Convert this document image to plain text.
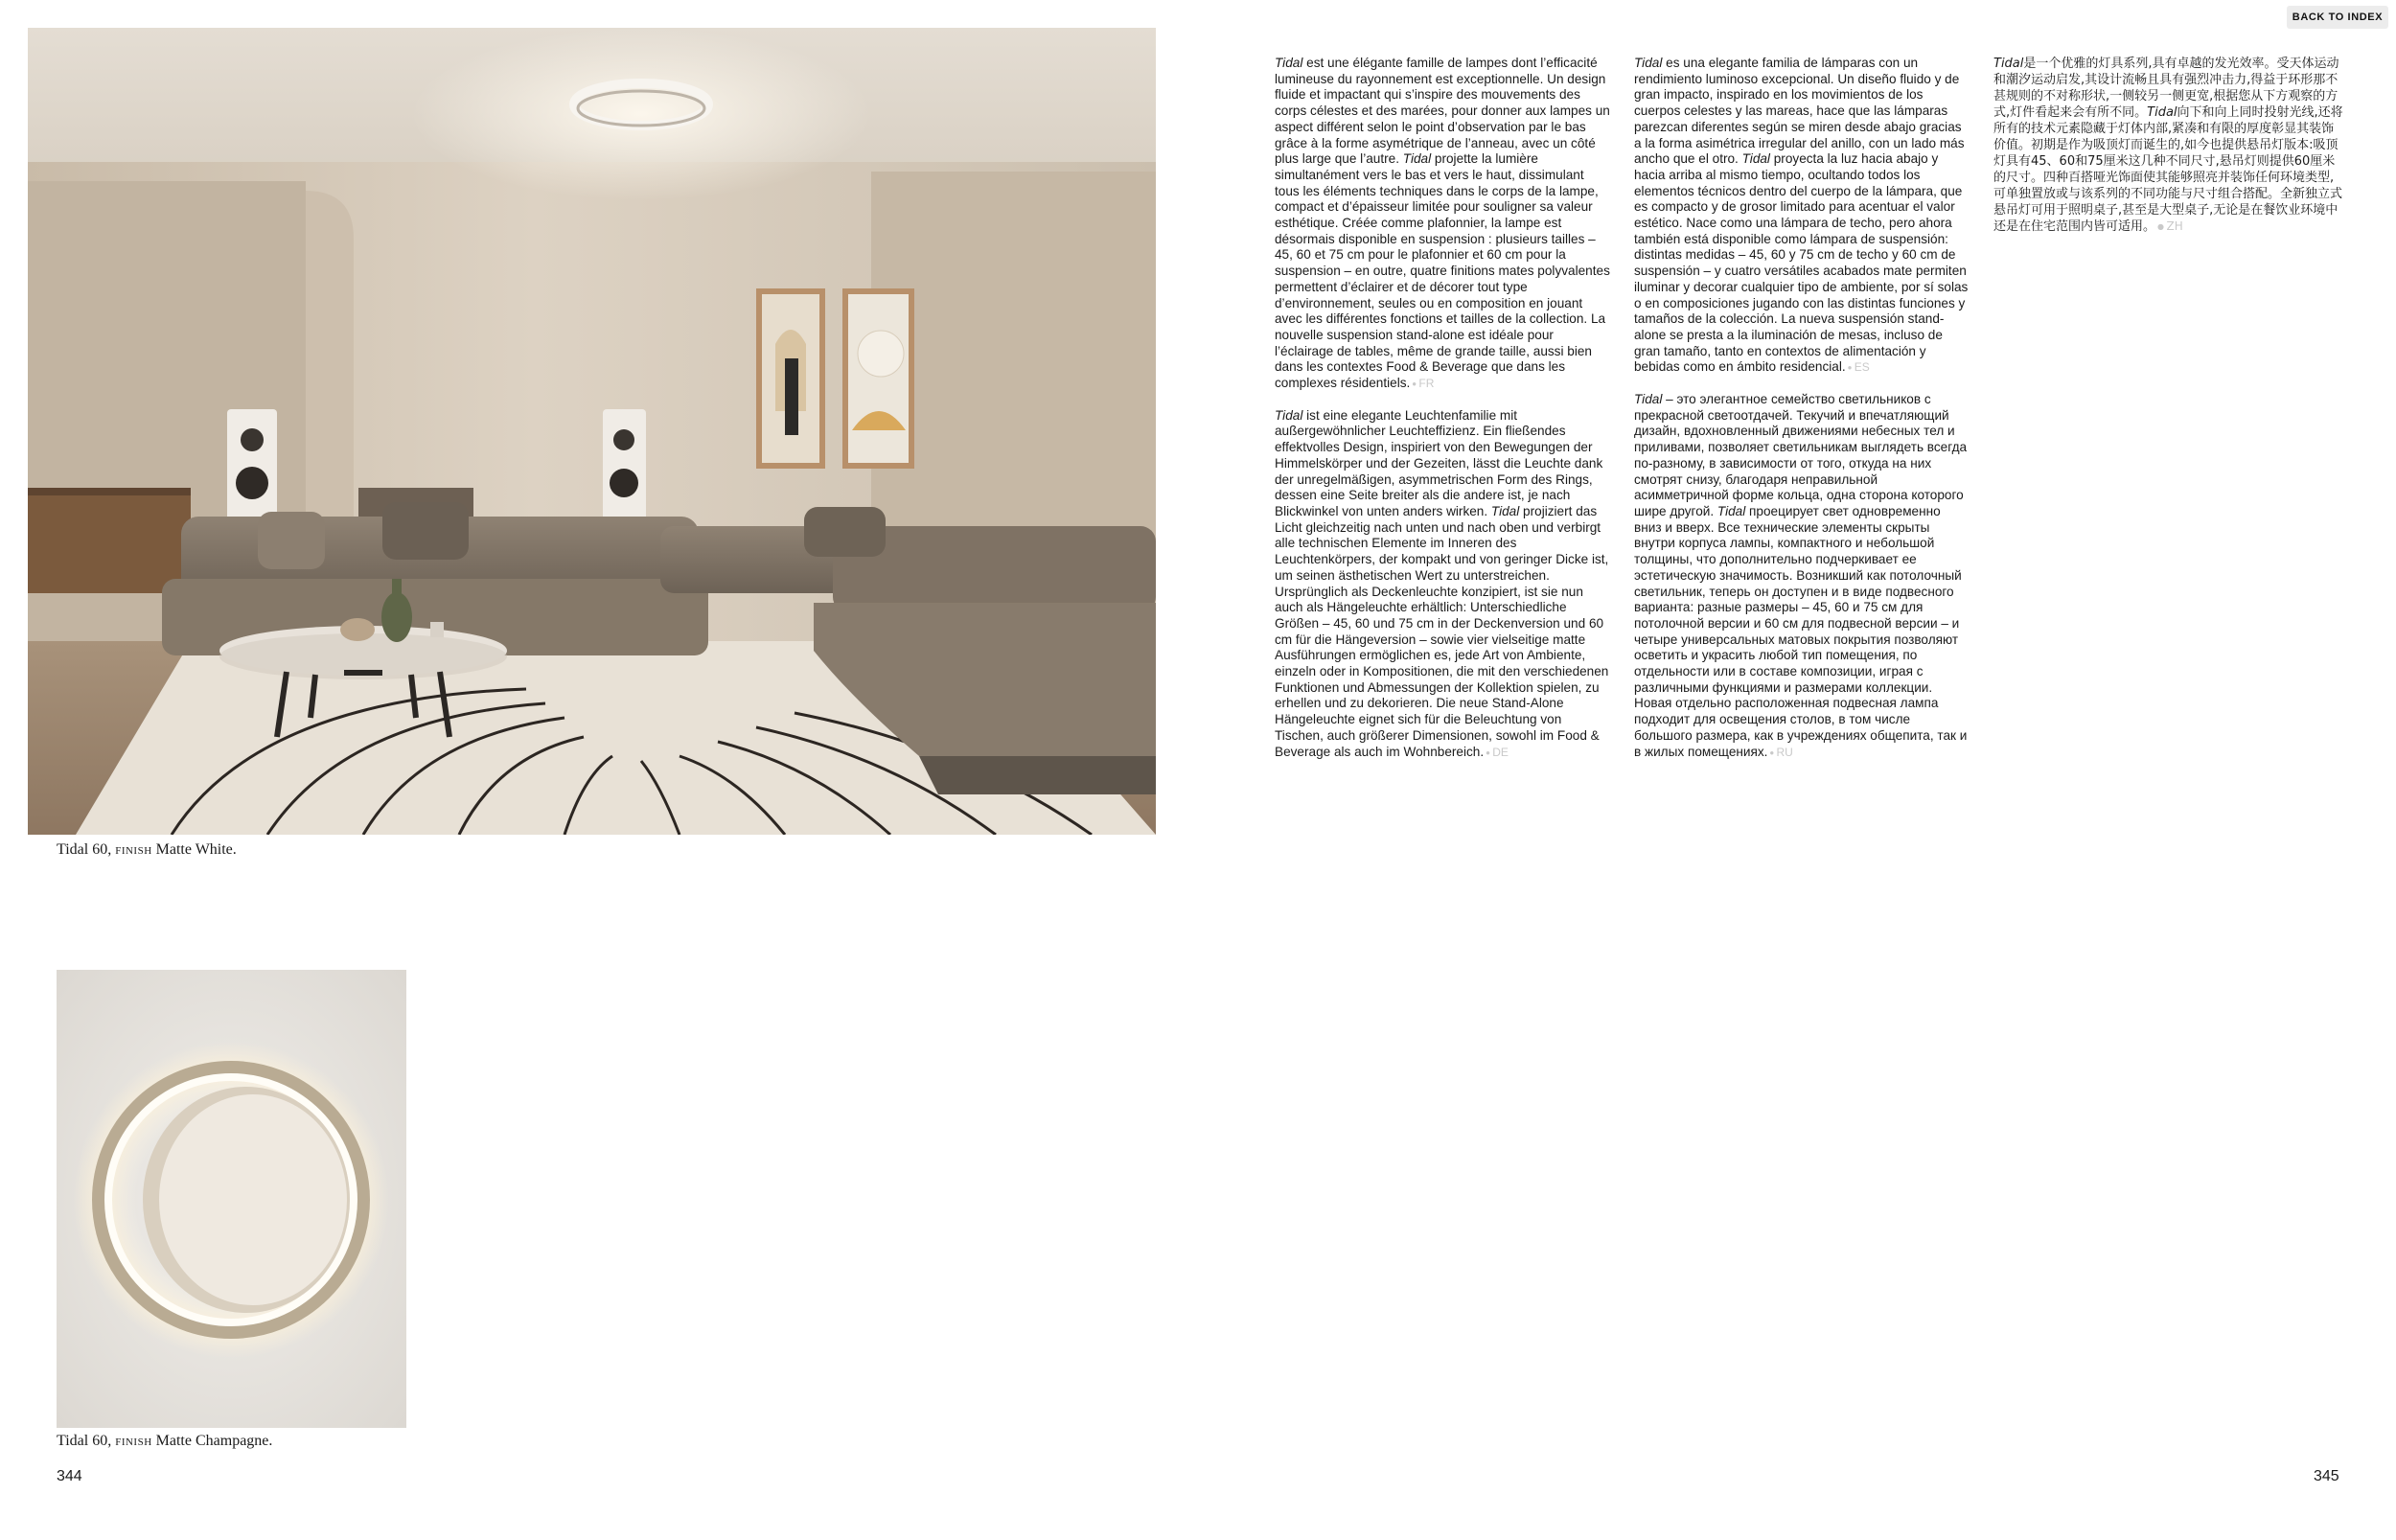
BACK TO INDEX
Tidal 60, finish Matte White.
Tidal 60, finish Matte Champagne.

Tidal est une élégante famille de lampes dont l’efficacité lumineuse du rayonnement est exceptionnelle. Un design fluide et impactant qui s’inspire des mouvements des corps célestes et des marées, pour donner aux lampes un aspect différent selon le point d’observation par le bas grâce à la forme asymétrique de l’anneau, avec un côté plus large que l’autre. Tidal projette la lumière simultanément vers le bas et vers le haut, dissimulant tous les éléments techniques dans le corps de la lampe, compact et d’épaisseur limitée pour souligner sa valeur esthétique. Créée comme plafonnier, la lampe est désormais disponible en suspension : plusieurs tailles – 45, 60 et 75 cm pour le plafonnier et 60 cm pour la suspension – en outre, quatre finitions mates polyvalentes permettent d’éclairer et de décorer tout type d’environnement, seules ou en composition en jouant avec les différentes fonctions et tailles de la collection. La nouvelle suspension stand-alone est idéale pour l’éclairage de tables, même de grande taille, aussi bien dans les contextes Food & Beverage que dans les complexes résidentiels. ● FR

Tidal ist eine elegante Leuchtenfamilie mit außergewöhnlicher Leuchteffizienz. Ein fließendes effektvolles Design, inspiriert von den Bewegungen der Himmelskörper und der Gezeiten, lässt die Leuchte dank der unregelmäßigen, asymmetrischen Form des Rings, dessen eine Seite breiter als die andere ist, je nach Blickwinkel von unten anders wirken. Tidal projiziert das Licht gleichzeitig nach unten und nach oben und verbirgt alle technischen Elemente im Inneren des Leuchtenkörpers, der kompakt und von geringer Dicke ist, um seinen ästhetischen Wert zu unterstreichen. Ursprünglich als Deckenleuchte konzipiert, ist sie nun auch als Hängeleuchte erhältlich: Unterschiedliche Größen – 45, 60 und 75 cm in der Deckenversion und 60 cm für die Hängeversion – sowie vier vielseitige matte Ausführungen ermöglichen es, jede Art von Ambiente, einzeln oder in Kompositionen, die mit den verschiedenen Funktionen und Abmessungen der Kollektion spielen, zu erhellen und zu dekorieren. Die neue Stand-Alone Hängeleuchte eignet sich für die Beleuchtung von Tischen, auch größerer Dimensionen, sowohl im Food & Beverage als auch im Wohnbereich. ● DE

Tidal es una elegante familia de lámparas con un rendimiento luminoso excepcional. Un diseño fluido y de gran impacto, inspirado en los movimientos de los cuerpos celestes y las mareas, hace que las lámparas parezcan diferentes según se miren desde abajo gracias a la forma asimétrica irregular del anillo, con un lado más ancho que el otro. Tidal proyecta la luz hacia abajo y hacia arriba al mismo tiempo, ocultando todos los elementos técnicos dentro del cuerpo de la lámpara, que es compacto y de grosor limitado para acentuar el valor estético. Nace como una lámpara de techo, pero ahora también está disponible como lámpara de suspensión: distintas medidas – 45, 60 y 75 cm de techo y 60 cm de suspensión – y cuatro versátiles acabados mate permiten iluminar y decorar cualquier tipo de ambiente, por sí solas o en composiciones jugando con las distintas funciones y tamaños de la colección. La nueva suspensión stand-alone se presta a la iluminación de mesas, incluso de gran tamaño, tanto en contextos de alimentación y bebidas como en ámbito residencial. ● ES

Tidal – это элегантное семейство светильников с прекрасной светоотдачей. Текучий и впечатляющий дизайн, вдохновленный движениями небесных тел и приливами, позволяет светильникам выглядеть всегда по-разному, в зависимости от того, откуда на них смотрят снизу, благодаря неправильной асимметричной форме кольца, одна сторона которого шире другой. Tidal проецирует свет одновременно вниз и вверх. Все технические элементы скрыты внутри корпуса лампы, компактного и небольшой толщины, что дополнительно подчеркивает ее эстетическую значимость. Возникший как потолочный светильник, теперь он доступен и в виде подвесного варианта: разные размеры – 45, 60 и 75 см для потолочной версии и 60 см для подвесной версии – и четыре универсальных матовых покрытия позволяют осветить и украсить любой тип помещения, по отдельности или в составе композиции, играя с различными функциями и размерами коллекции. Новая отдельно расположенная подвесная лампа подходит для освещения столов, в том числе большого размера, как в учреждениях общепита, так и в жилых помещениях. ● RU

Tidal是一个优雅的灯具系列,具有卓越的发光效率。受天体运动和潮汐运动启发,其设计流畅且具有强烈冲击力,得益于环形那不甚规则的不对称形状,一侧较另一侧更宽,根据您从下方观察的方式,灯件看起来会有所不同。Tidal向下和向上同时投射光线,还将所有的技术元素隐藏于灯体内部,紧凑和有限的厚度彰显其装饰价值。初期是作为吸顶灯而诞生的,如今也提供悬吊灯版本:吸顶灯具有45、60和75厘米这几种不同尺寸,悬吊灯则提供60厘米的尺寸。四种百搭哑光饰面使其能够照亮并装饰任何环境类型,可单独置放或与该系列的不同功能与尺寸组合搭配。全新独立式悬吊灯可用于照明桌子,甚至是大型桌子,无论是在餐饮业环境中还是在住宅范围内皆可适用。 ● ZH

344	345
